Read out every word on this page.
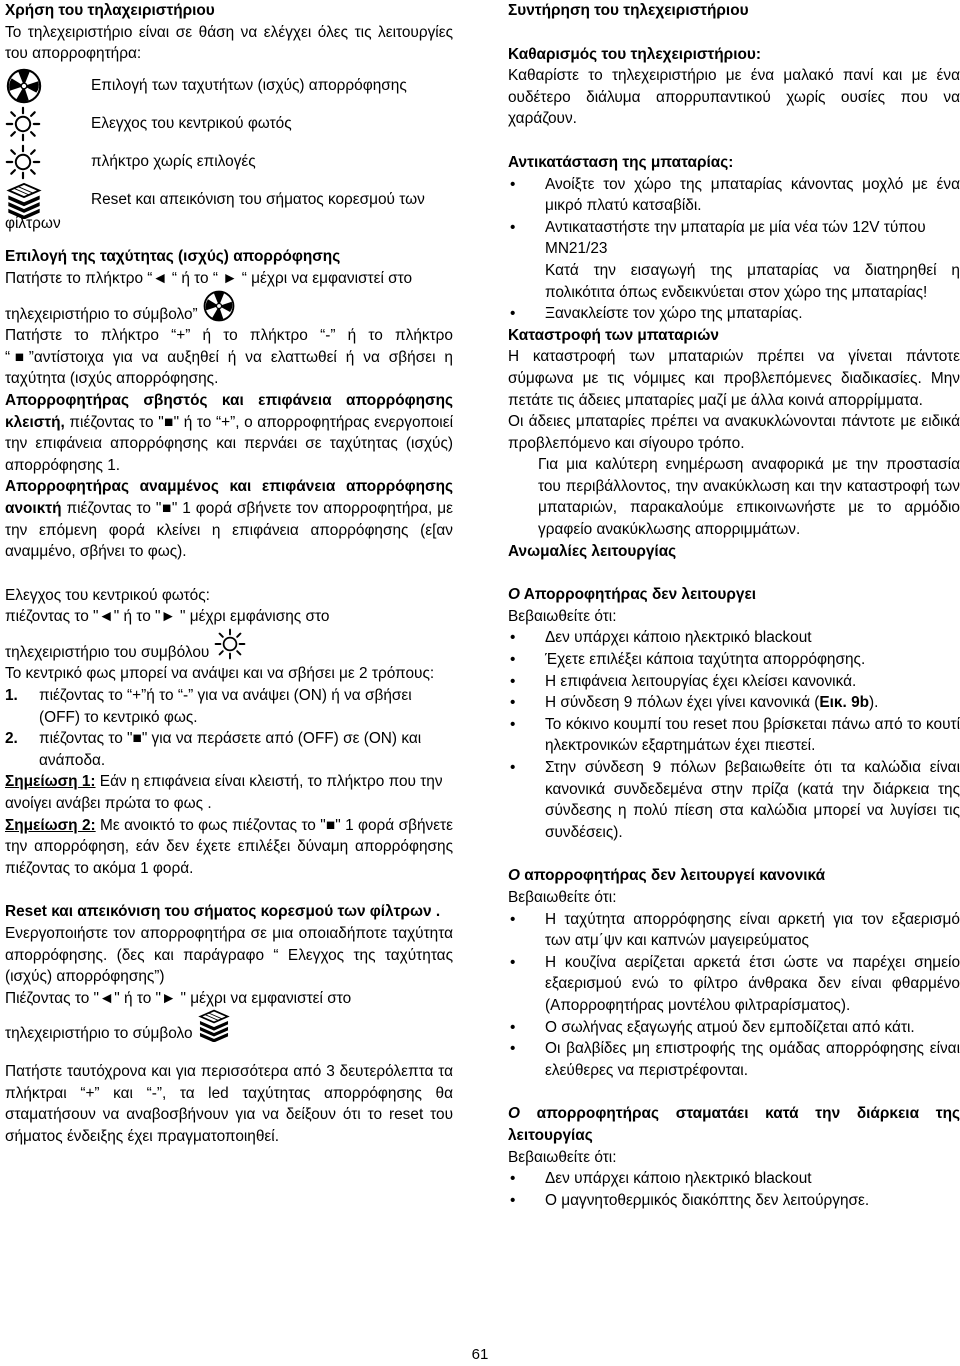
Χρήση του τηλαχειριστήριου

Το τηλεχειριστήριο είναι σε θάση να ελέγχει όλες τις λειτουργίες του απορροφητήρα:

Επιλογή των ταχυτήτων (ισχύς) απορρόφησης
Ελεγχος του κεντρικού φωτός
πλήκτρο χωρίς επιλογές
Reset και απεικόνιση του σήματος κορεσμού των
φίλτρων
Επιλογή της ταχύτητας (ισχύς) απορρόφησης

Πατήστε το πλήκτρο “◄ “ ή το “ ► “ μέχρι να εμφανιστεί στο

τηλεχειριστήριο το σύμβολο”

Πατήστε το πλήκτρο “+” ή το πλήκτρο “-” ή το πλήκτρο “■”αντίστοιχα για να αυξηθεί ή να ελαττωθεί ή να σβήσει η ταχύτητα (ισχύς απορρόφησης.

Απορροφητήρας σβηστός και επιφάνεια απορρόφησης κλειστή, πιέζοντας το "■" ή το “+”, ο απορροφητήρας ενεργοποιεί την επιφάνεια απορρόφησης και περνάει σε ταχύτητας (ισχύς) απορρόφησης 1.

Απορροφητήρας αναμμένος και επιφάνεια απορρόφησης ανοικτή πιέζοντας το "■" 1 φορά σβήνετε τον απορροφητήρα, με την επόμενη φορά κλείνει η επιφάνεια απορρόφησης (ε[αν αναμμένο, σβήνει το φως).

Ελεγχος του κεντρικού φωτός:

πιέζοντας το "◄" ή το "► " μέχρι εμφάνισης στο

τηλεχειριστήριο του συμβόλου

Το κεντρικό φως μπορεί να ανάψει και να σβήσει με 2 τρόπους:

1. πιέζοντας το “+”ή το “-” για να ανάψει (ON) ή να σβήσει (OFF) το κεντρικό φως.
2. πιέζοντας το "■" για να περάσετε από (OFF) σε (ON) και ανάποδα.

Σημείωση 1: Εάν η επιφάνεια είναι κλειστή, το πλήκτρο που την ανοίγει ανάβει πρώτα το φως .

Σημείωση 2: Με ανοικτό το φως πιέζοντας το "■" 1 φορά σβήνετε την απορρόφηση, εάν δεν έχετε επιλέξει δύναμη απορρόφησης πιέζοντας το ακόμα 1 φορά.

Reset και απεικόνιση του σήματος κορεσμού των φίλτρων .

Ενεργοποιήστε τον απορροφητήρα σε μια οποιαδήποτε ταχύτητα απορρόφησης. (δες και παράγραφο “ Ελεγχος της ταχύτητας (ισχύς) απορρόφησης”)

Πιέζοντας το "◄" ή το "► " μέχρι να εμφανιστεί στο

τηλεχειριστήριο το σύμβολο

Πατήστε ταυτόχρονα και για περισσότερα από 3 δευτερόλεπτα τα πλήκτραι “+” και “-”, τα led ταχύτητας απορρόφησης θα σταματήσουν να αναβοσβήνουν για να δείξουν ότι το reset του σήματος ένδειξης έχει πραγματοποιηθεί.

Συντήρηση του τηλεχειριστήριου
Καθαρισμός του τηλεχειριστήριου:

Καθαρίστε το τηλεχειριστήριο με ένα μαλακό πανί και με ένα ουδέτερο διάλυμα απορρυπαντικού χωρίς ουσίες που να χαράζουν.

Αντικατάσταση της μπαταρίας:
• Ανοίξτε τον χώρο της μπαταρίας κάνοντας μοχλό με ένα μικρό πλατύ κατσαβίδι.
• Αντικαταστήστε την μπαταρία με μία νέα τών 12V τύπου MN21/23

Κατά την εισαγωγή της μπαταρίας να διατηρηθεί η πολικότιτα όπως ενδεικνύεται στον χώρο της μπαταρίας!

• Ξανακλείστε τον χώρο της μπαταρίας.
Καταστροφή των μπαταριών

Η καταστροφή των μπαταριών πρέπει να γίνεται πάντοτε σύμφωνα με τις νόμιμες και προβλεπόμενες διαδικασίες. Μην πετάτε τις άδειες μπαταρίες μαζί με άλλα κοινά απορρίμματα.

Οι άδειες μπαταρίες πρέπει να ανακυκλώνονται πάντοτε με ειδικά προβλεπόμενο και σίγουρο τρόπο.

Για μια καλύτερη ενημέρωση αναφορικά με την προστασία του περιβάλλοντος, την ανακύκλωση και την καταστροφή των μπαταριών, παρακαλούμε επικοινωνήστε με το αρμόδιο γραφείο ανακύκλωσης απορριμμάτων.

Ανωμαλίες λειτουργίας
Ο Απορροφητήρας δεν λειτουργει
Βεβαιωθείτε ότι:
• Δεν υπάρχει κάποιο ηλεκτρικό blackout
• Έχετε επιλέξει κάποια ταχύτητα απορρόφησης.
• Η επιφάνεια λειτουργίας έχει κλείσει κανονικά.
• Η σύνδεση 9 πόλων έχει γίνει κανονικά (Εικ. 9b).
• Το κόκινο κουμπί του reset που βρίσκεται πάνω από το κουτί ηλεκτρονικών εξαρτημάτων έχει πιεστεί.
• Στην σύνδεση 9 πόλων βεβαιωθείτε ότι τα καλώδια είναι κανονικά συνδεδεμένα στην πρίζα (κατά την διάρκεια της σύνδεσης η πολύ πίεση στα καλώδια μπορεί να λυγίσει τις συνδέσεις).
Ο απορροφητήρας δεν λειτουργεί κανονικά
Βεβαιωθείτε ότι:
• Η ταχύτητα απορρόφησης είναι αρκετή για τον εξαερισμό των ατμ΄ψν και καπνών μαγειρεύματος
• Η κουζίνα αερίζεται αρκετά έτσι ώστε να παρέχει σημείο εξαερισμού ενώ το φίλτρο άνθρακα δεν είναι φθαρμένο (Απορροφητήρας μοντέλου φιλτραρίσματος).
• Ο σωλήνας εξαγωγής ατμού δεν εμποδίζεται από κάτι.
• Οι βαλβίδες μη επιστροφής της ομάδας απορρόφησης είναι ελεύθερες να περιστρέφονται.
Ο απορροφητήρας σταματάει κατά την διάρκεια της λειτουργίας
Βεβαιωθείτε ότι:
• Δεν υπάρχει κάποιο ηλεκτρικό blackout
• Ο μαγνητοθερμικός διακόπτης δεν λειτούργησε.
61
